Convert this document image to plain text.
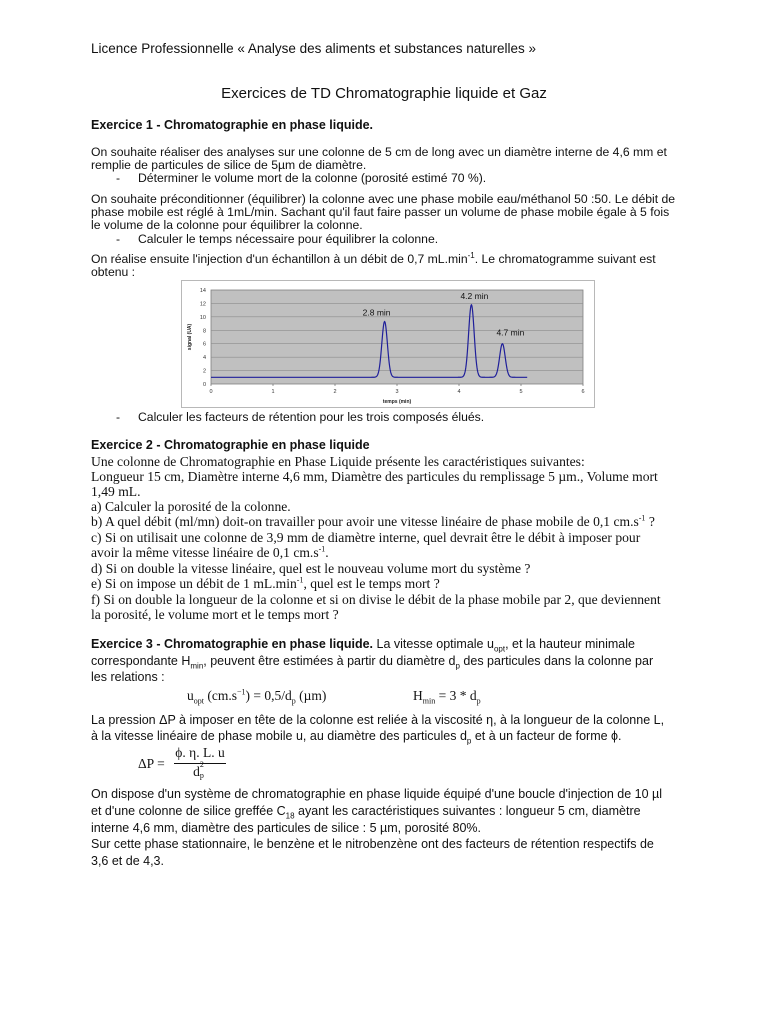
Licence Professionnelle « Analyse des aliments et substances naturelles »
Exercices de TD Chromatographie liquide et Gaz
Exercice 1 - Chromatographie en phase liquide.
On souhaite réaliser des analyses sur une colonne de 5 cm de long avec un diamètre interne de 4,6 mm et
remplie de particules de silice de 5µm de diamètre.
- Déterminer le volume mort de la colonne (porosité estimé 70 %).
On souhaite préconditionner (équilibrer) la colonne avec une phase mobile eau/méthanol 50 :50. Le débit de
phase mobile est réglé à 1mL/min. Sachant qu'il faut faire passer un volume de phase mobile égale à 5 fois
le volume de la colonne pour équilibrer la colonne.
- Calculer le temps nécessaire pour équilibrer la colonne.
On réalise ensuite l'injection d'un échantillon à un débit de 0,7 $mL.\min^{-1}$. Le chromatogramme suivant est
obtenu :
0
2
4
6
8
10
12
14
0	1	2	3	4	5	6
temps (min)
signal (UA)
2.8 min
4.2 min
4.7 min
- Calculer les facteurs de rétention pour les trois composés élués.
Exercice 2 - Chromatographie en phase liquide
Une colonne de Chromatographie en Phase Liquide présente les caractéristiques suivantes:
Longueur 15 cm, Diamètre interne 4,6 mm, Diamètre des particules du remplissage 5 µm., Volume mort
1,49 mL.
a) Calculer la porosité de la colonne.
b) A quel débit (ml/mn) doit-on travailler pour avoir une vitesse linéaire de phase mobile de 0,1 $cm.s^{-1}$ ?
c) Si on utilisait une colonne de 3,9 mm de diamètre interne, quel devrait être le débit à imposer pour
avoir la même vitesse linéaire de 0,1 $cm.s^{-1}$.
d) Si on double la vitesse linéaire, quel est le nouveau volume mort du système ?
e) Si on impose un débit de 1 $mL.\min^{-1}$, quel est le temps mort ?
f) Si on double la longueur de la colonne et si on divise le débit de la phase mobile par 2, que deviennent
la porosité, le volume mort et le temps mort ?
Exercice 3 - Chromatographie en phase liquide. La vitesse optimale $u_{opt}$, et la hauteur minimale
correspondante $H_{min}$, peuvent être estimées à partir du diamètre $d_p$ des particules dans la colonne par
les relations :
$u_{opt}$ $(cm.s^{-1}) = 0,5/d_p$ (µm)	$H_{min} = 3 * d_p$
La pression ΔP à imposer en tête de la colonne est reliée à la viscosité η, à la longueur de la colonne L,
à la vitesse linéaire de phase mobile u, au diamètre des particules $d_p$ et à un facteur de forme ϕ.
ΔP =
ϕ. η. L. u
d 2
p
On dispose d'un système de chromatographie en phase liquide équipé d'une boucle d'injection de 10 µl
et d'une colonne de silice greffée $C_{18}$ ayant les caractéristiques suivantes : longueur 5 cm, diamètre
interne 4,6 mm, diamètre des particules de silice : 5 µm, porosité 80%.
Sur cette phase stationnaire, le benzène et le nitrobenzène ont des facteurs de rétention respectifs de
3,6 et de 4,3.
